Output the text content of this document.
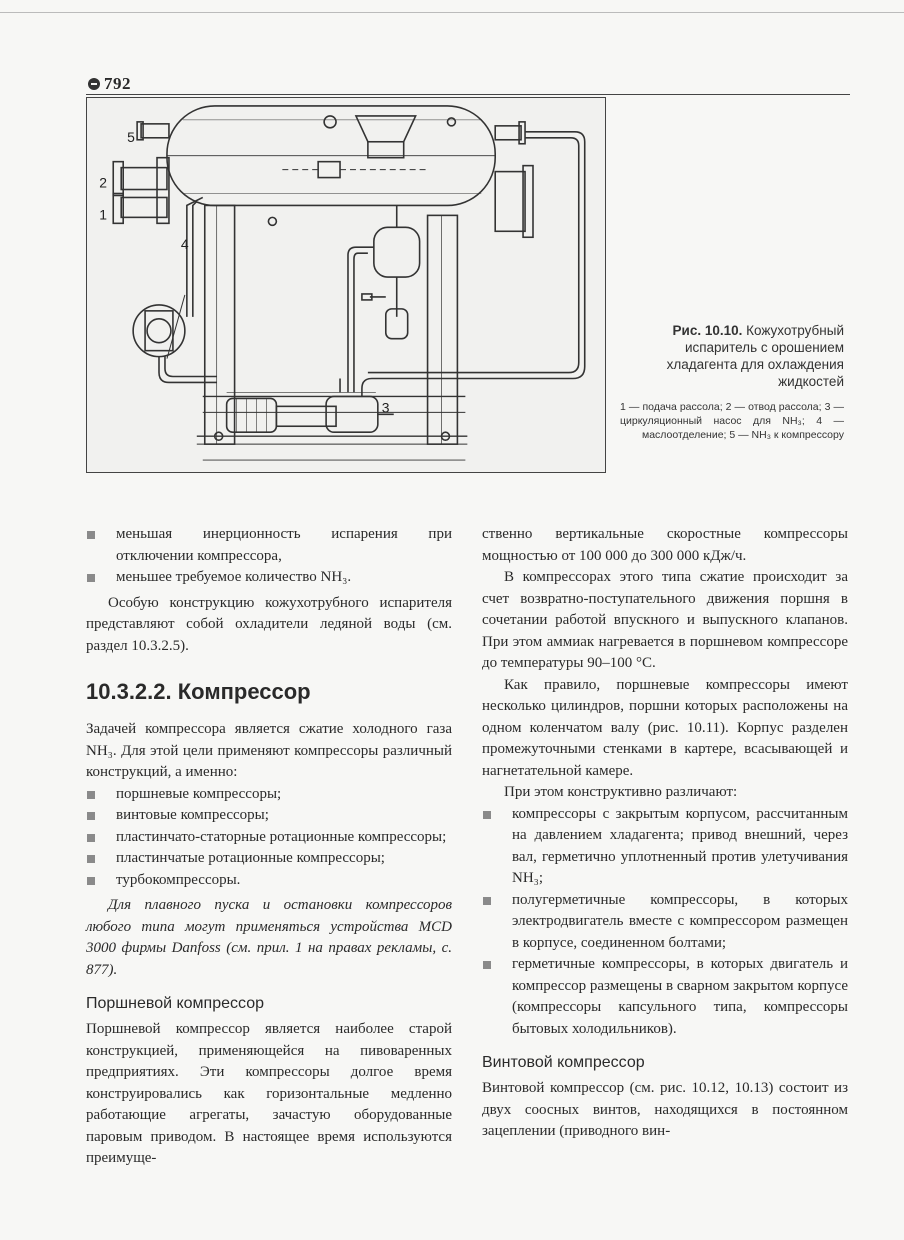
792
5
2
1
4
3
Рис. 10.10. Кожухотрубный испаритель с орошением хладагента для охлаждения жидкостей
1 — подача рассола; 2 — отвод рассола; 3 — циркуляционный насос для NH₃; 4 — маслоотделение; 5 — NH₃ к компрессору
меньшая инерционность испарения при отключении компрессора,
меньшее требуемое количество NH₃.

Особую конструкцию кожухотрубного испарителя представляют собой охладители ледяной воды (см. раздел 10.3.2.5).

10.3.2.2. Компрессор

Задачей компрессора является сжатие холодного газа NH₃. Для этой цели применяют компрессоры различный конструкций, а именно:

поршневые компрессоры;
винтовые компрессоры;
пластинчато-статорные ротационные компрессоры;
пластинчатые ротационные компрессоры;
турбокомпрессоры.

Для плавного пуска и остановки компрессоров любого типа могут применяться устройства MCD 3000 фирмы Danfoss (см. прил. 1 на правах рекламы, с. 877).

Поршневой компрессор

Поршневой компрессор является наиболее старой конструкцией, применяющейся на пивоваренных предприятиях. Эти компрессоры долгое время конструировались как горизонтальные медленно работающие агрегаты, зачастую оборудованные паровым приводом. В настоящее время используются преимуще-

ственно вертикальные скоростные компрессоры мощностью от 100 000 до 300 000 кДж/ч.

В компрессорах этого типа сжатие происходит за счет возвратно-поступательного движения поршня в сочетании работой впускного и выпускного клапанов. При этом аммиак нагревается в поршневом компрессоре до температуры 90–100 °С.

Как правило, поршневые компрессоры имеют несколько цилиндров, поршни которых расположены на одном коленчатом валу (рис. 10.11). Корпус разделен промежуточными стенками в картере, всасывающей и нагнетательной камере.

При этом конструктивно различают:

компрессоры с закрытым корпусом, рассчитанным на давлением хладагента; привод внешний, через вал, герметично уплотненный против улетучивания NH₃;
полугерметичные компрессоры, в которых электродвигатель вместе с компрессором размещен в корпусе, соединенном болтами;
герметичные компрессоры, в которых двигатель и компрессор размещены в сварном закрытом корпусе (компрессоры капсульного типа, компрессоры бытовых холодильников).
Винтовой компрессор

Винтовой компрессор (см. рис. 10.12, 10.13) состоит из двух соосных винтов, находящихся в постоянном зацеплении (приводного вин-
